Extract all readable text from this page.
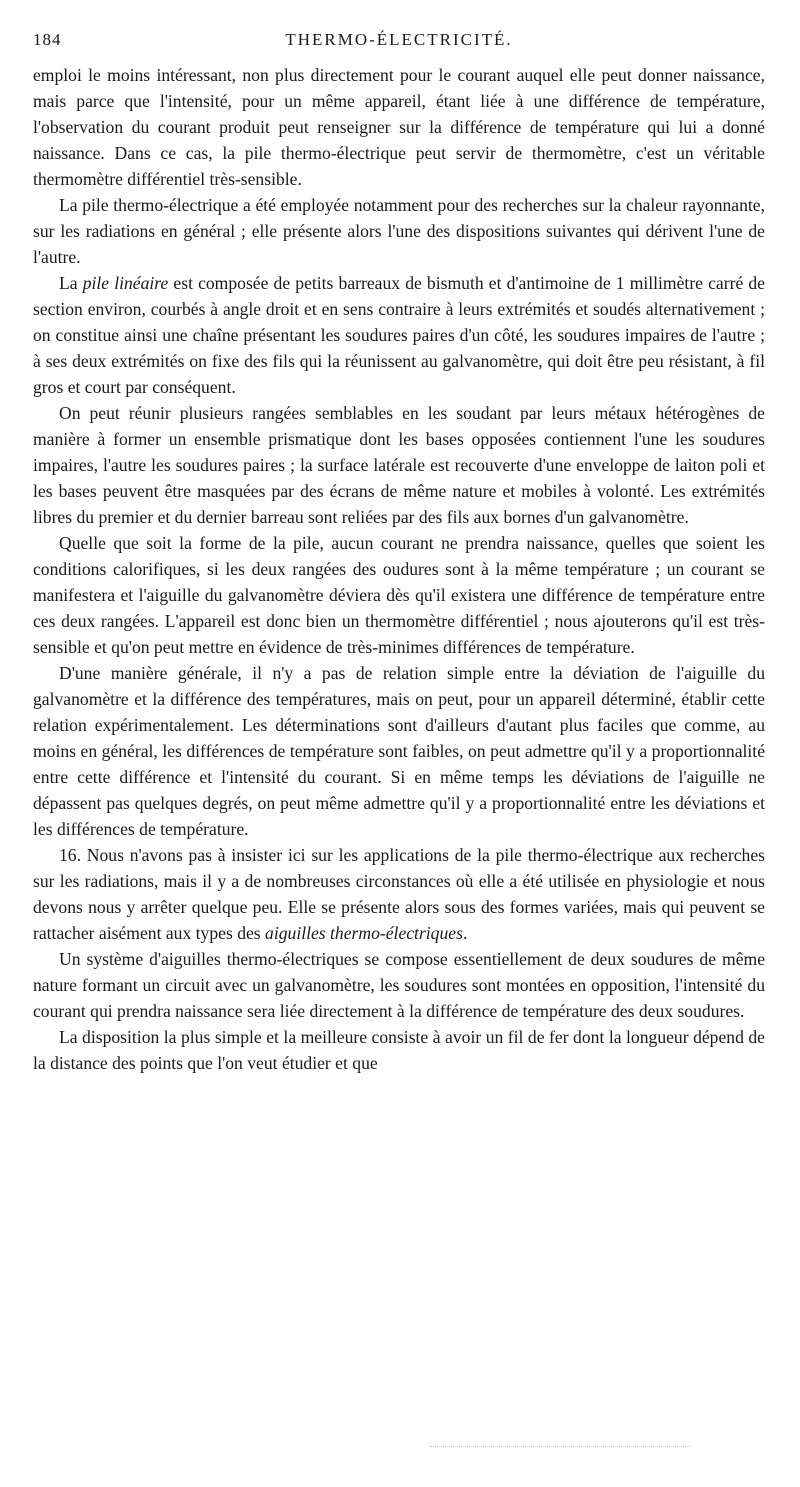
184	THERMO-ÉLECTRICITÉ.

emploi le moins intéressant, non plus directement pour le courant auquel elle peut donner naissance, mais parce que l'intensité, pour un même appareil, étant liée à une différence de température, l'observation du courant produit peut renseigner sur la différence de température qui lui a donné naissance. Dans ce cas, la pile thermo-électrique peut servir de thermomètre, c'est un véritable thermomètre différentiel très-sensible.

La pile thermo-électrique a été employée notamment pour des recherches sur la chaleur rayonnante, sur les radiations en général ; elle présente alors l'une des dispositions suivantes qui dérivent l'une de l'autre.

La pile linéaire est composée de petits barreaux de bismuth et d'antimoine de 1 millimètre carré de section environ, courbés à angle droit et en sens contraire à leurs extrémités et soudés alternativement ; on constitue ainsi une chaîne présentant les soudures paires d'un côté, les soudures impaires de l'autre ; à ses deux extrémités on fixe des fils qui la réunissent au galvanomètre, qui doit être peu résistant, à fil gros et court par conséquent.

On peut réunir plusieurs rangées semblables en les soudant par leurs métaux hétérogènes de manière à former un ensemble prismatique dont les bases opposées contiennent l'une les soudures impaires, l'autre les soudures paires ; la surface latérale est recouverte d'une enveloppe de laiton poli et les bases peuvent être masquées par des écrans de même nature et mobiles à volonté. Les extrémités libres du premier et du dernier barreau sont reliées par des fils aux bornes d'un galvanomètre.

Quelle que soit la forme de la pile, aucun courant ne prendra naissance, quelles que soient les conditions calorifiques, si les deux rangées des oudures sont à la même température ; un courant se manifestera et l'aiguille du galvanomètre déviera dès qu'il existera une différence de température entre ces deux rangées. L'appareil est donc bien un thermomètre différentiel ; nous ajouterons qu'il est très-sensible et qu'on peut mettre en évidence de très-minimes différences de température.

D'une manière générale, il n'y a pas de relation simple entre la déviation de l'aiguille du galvanomètre et la différence des températures, mais on peut, pour un appareil déterminé, établir cette relation expérimentalement. Les déterminations sont d'ailleurs d'autant plus faciles que comme, au moins en général, les différences de température sont faibles, on peut admettre qu'il y a proportionnalité entre cette différence et l'intensité du courant. Si en même temps les déviations de l'aiguille ne dépassent pas quelques degrés, on peut même admettre qu'il y a proportionnalité entre les déviations et les différences de température.

16. Nous n'avons pas à insister ici sur les applications de la pile thermo-électrique aux recherches sur les radiations, mais il y a de nombreuses circonstances où elle a été utilisée en physiologie et nous devons nous y arrêter quelque peu. Elle se présente alors sous des formes variées, mais qui peuvent se rattacher aisément aux types des aiguilles thermo-électriques.

Un système d'aiguilles thermo-électriques se compose essentiellement de deux soudures de même nature formant un circuit avec un galvanomètre, les soudures sont montées en opposition, l'intensité du courant qui prendra naissance sera liée directement à la différence de température des deux soudures.

La disposition la plus simple et la meilleure consiste à avoir un fil de fer dont la longueur dépend de la distance des points que l'on veut étudier et que
